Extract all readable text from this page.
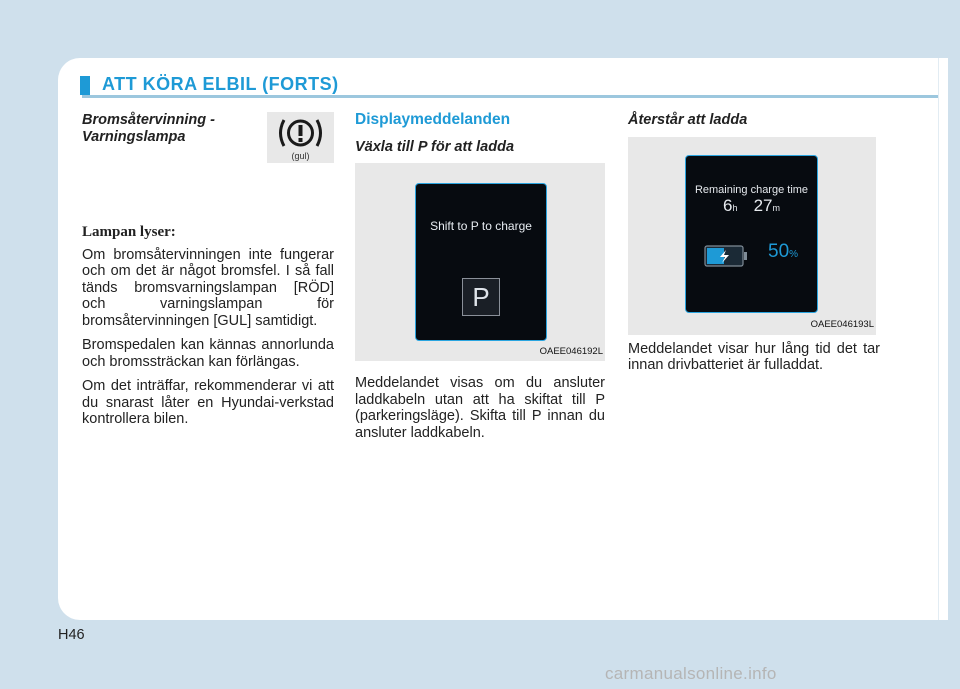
ATT KÖRA ELBIL (FORTS)
Bromsåtervinning - Varningslampa
(gul)
Lampan lyser:

Om bromsåtervinningen inte fungerar och om det är något bromsfel. I så fall tänds bromsvarningslampan [RÖD] och varningslampan för bromsåtervinningen [GUL] samtidigt.

Bromspedalen kan kännas annorlunda och bromssträckan kan förlängas.

Om det inträffar, rekommenderar vi att du snarast låter en Hyundai-verkstad kontrollera bilen.

Displaymeddelanden
Växla till P för att ladda
Shift to P to charge
P
OAEE046192L

Meddelandet visas om du ansluter laddkabeln utan att ha skiftat till P (parkeringsläge). Skifta till P innan du ansluter laddkabeln.

Återstår att ladda
Remaining charge time
6h 27m
50%
OAEE046193L

Meddelandet visar hur lång tid det tar innan drivbatteriet är fulladdat.

H46
carmanualsonline.info
